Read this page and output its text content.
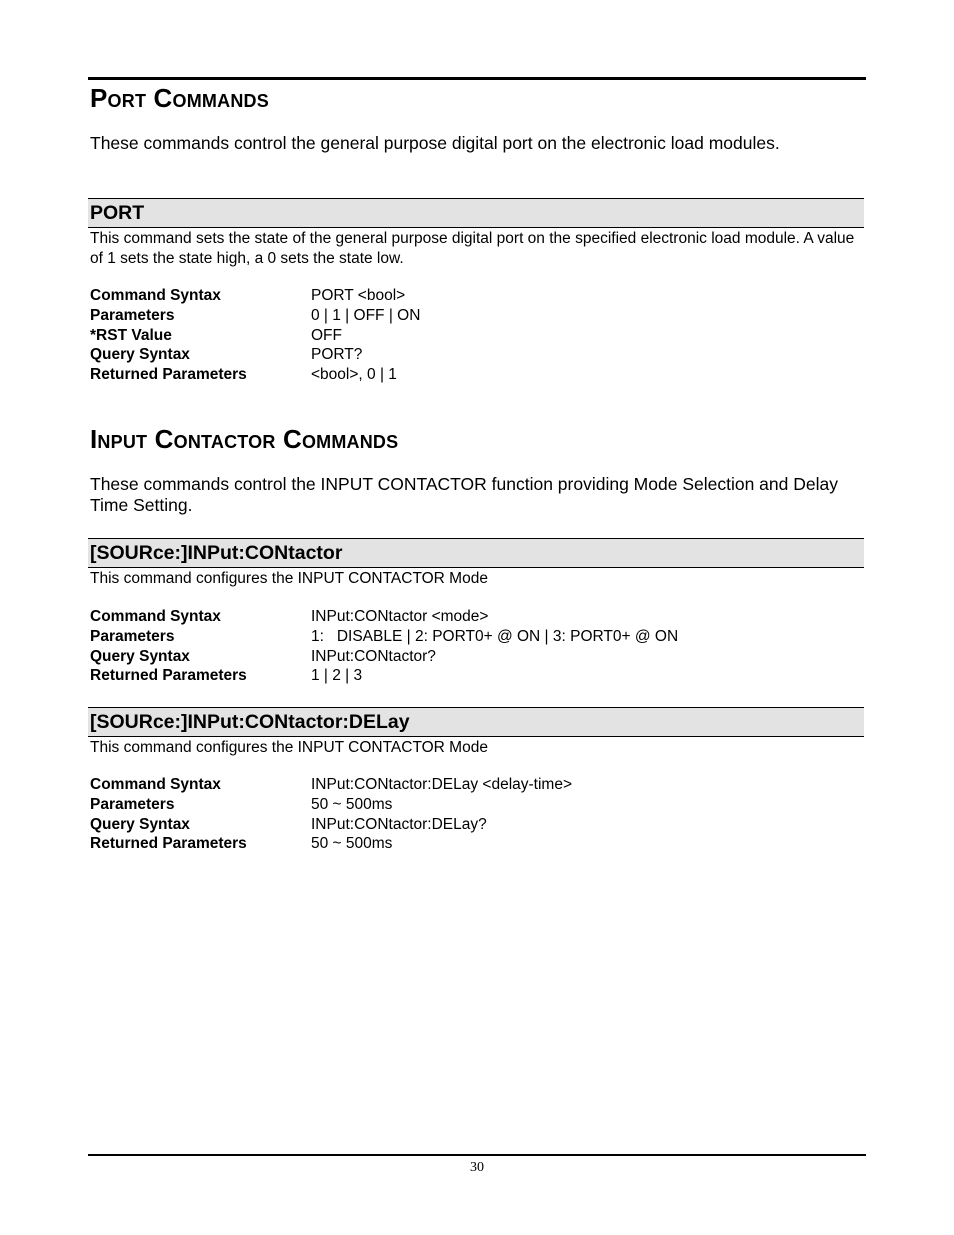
Port Commands

These commands control the general purpose digital port on the electronic load modules.

PORT

This command sets the state of the general purpose digital port on the specified electronic load module. A value of 1 sets the state high, a 0 sets the state low.

Command Syntax	PORT <bool>
Parameters	0 | 1 | OFF | ON
*RST Value	OFF
Query Syntax	PORT?
Returned Parameters	<bool>, 0 | 1
Input Contactor Commands

These commands control the INPUT CONTACTOR function providing Mode Selection and Delay Time Setting.

[SOURce:]INPut:CONtactor

This command configures the INPUT CONTACTOR Mode

Command Syntax	INPut:CONtactor <mode>
Parameters	1:   DISABLE | 2: PORT0+ @ ON | 3: PORT0+ @ ON
Query Syntax	INPut:CONtactor?
Returned Parameters	1 | 2 | 3
[SOURce:]INPut:CONtactor:DELay

This command configures the INPUT CONTACTOR Mode

Command Syntax	INPut:CONtactor:DELay <delay-time>
Parameters	50 ~ 500ms
Query Syntax	INPut:CONtactor:DELay?
Returned Parameters	50 ~ 500ms
30
